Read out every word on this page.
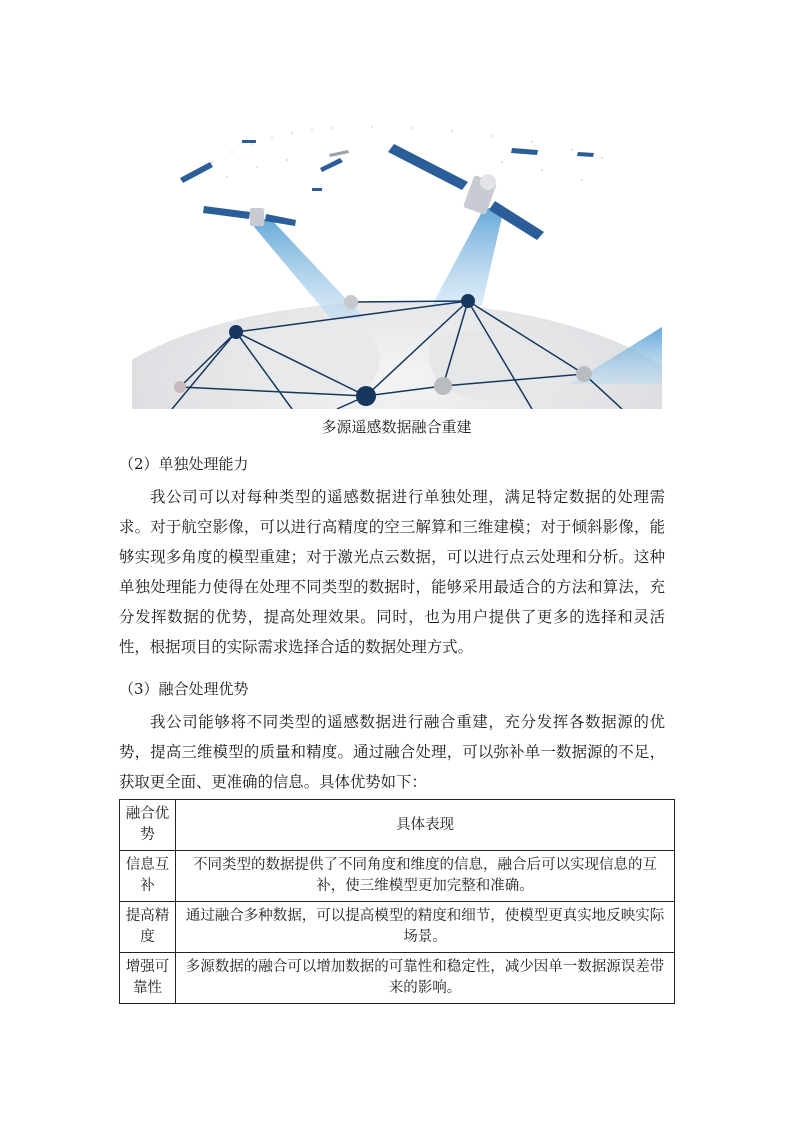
多源遥感数据融合重建
（2）单独处理能力
我公司可以对每种类型的遥感数据进行单独处理，满足特定数据的处理需求。对于航空影像，可以进行高精度的空三解算和三维建模；对于倾斜影像，能够实现多角度的模型重建；对于激光点云数据，可以进行点云处理和分析。这种单独处理能力使得在处理不同类型的数据时，能够采用最适合的方法和算法，充分发挥数据的优势，提高处理效果。同时，也为用户提供了更多的选择和灵活性，根据项目的实际需求选择合适的数据处理方式。
（3）融合处理优势
我公司能够将不同类型的遥感数据进行融合重建，充分发挥各数据源的优势，提高三维模型的质量和精度。通过融合处理，可以弥补单一数据源的不足，获取更全面、更准确的信息。具体优势如下：
融合优势	具体表现
信息互补	不同类型的数据提供了不同角度和维度的信息，融合后可以实现信息的互补，使三维模型更加完整和准确。
提高精度	通过融合多种数据，可以提高模型的精度和细节，使模型更真实地反映实际场景。
增强可靠性	多源数据的融合可以增加数据的可靠性和稳定性，减少因单一数据源误差带来的影响。
